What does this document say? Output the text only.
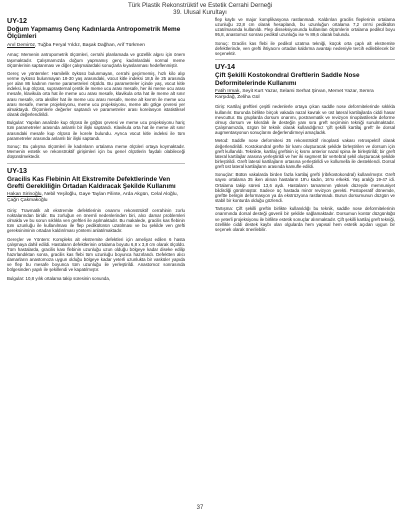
Türk Plastik Rekonstrüktif ve Estetik Cerrahi Derneği
39. Ulusal Kurultayı
UY-12
Doğum Yapmamış Genç Kadınlarda Antropometrik Meme Ölçümleri
Anıl Demiröz, Tuğba Feryal Yıldız, Başak Dağhan, Arif Türkmen

Amaç: Memenin antropometrik ölçümleri, cerrahi planlamada ve güzellik algısı için önem taşımaktadır. Çalışmamızda doğum yapmamış genç kadınlardaki normal meme ölçümlerinin saptanması ve diğer çalışmalardaki sonuçlarla kıyaslanması hedeflenmiştir.

Gereç ve yöntemler: Hamilelik öyküsü bulunmayan, cerrahi geçirmemiş, hızlı kilo alıp verme öyküsü bulunmayan 18-30 yaş arasındaki, vücut kitle indeksi 18,5 ile 25 arasında yer alan 86 kadının meme parametreleri ölçüldü. Bu parametreler içinde yaş, vücut kitle indeksi, kup ölçüsü, suprasternal çentik ile meme ucu arası mesafe, her iki meme ucu arası mesafe, klavikula orta hat ile meme ucu arası mesafe, klavikula orta hat ile meme alt sınır arası mesafe, orta aksiller hat ile meme ucu arası mesafe, meme alt kıvrım ile meme ucu arası mesafe, meme projeksiyonu, meme ucu projeksiyonu, meme altı gölge çevresi yer almaktaydı. Ölçümlerle değerler saptandı ve parametreler arası korelasyon istatistiksel olarak değerlendirildi.

Bulgular: Yapılan analizde kup ölçüsü ile göğüs çevresi ve meme ucu projeksiyonu hariç tüm parametreler arasında anlamlı bir ilişki saptandı. Klavikula orta hat ile meme alt sınır arasındaki mesafe kup ölçüsü ile korele bulundu. Ayrıca vücut kitle indeksi ile tüm parametreler arasında anlamlı bir ilişki saptandı.

Sonuç: Bu çalışma ölçümleri ile kadınların ortalama meme ölçüleri ortaya koymaktadır. Memenin estetik ve rekonstrüktif girişimleri için bu genel ölçütlerin faydalı olabileceği düşünülmektedir.

UY-13
Gracilis Kas Flebinin Alt Ekstremite Defektlerinde Ven Grefti Gerekliliğin Ortadan Kaldıracak Şekilde Kullanımı
Hakan Sirinoğlu, Nebil Yeşiloğlu, Gaye Taylan Filinte, Arda Akgün, Celal Aloğlu, Çağrı Çakmakoğlu

Giriş: Travmatik alt ekstremite defektlerinin onarımı rekonstrüktif cerrahinin zorlu noktalarından biridir. Bu zorluğun en önemli nedenlerinden biri, alıcı damar problemleri olmakla ve bu sorun sıklıkla ven greftleri ile aşılmaktadır. Bu makalede, gracilis kas flebinin tüm uzunluğu ile kullanılması ile flep pedikülünün uzatılması ve bu şekilde ven grefti gereksiniminin ortadan kaldırılması yöntemi anlatılmaktadır.

Gereçler ve Yöntem: Kompleks alt ekstremite defektleri için ameliyat edilen 6 hasta çalışmaya dahil edildi. Hastaların defektlerinin ortalama boyutu 6,8 x 3,8 cm olarak ölçüldü. Tüm hastalarda, gracilis kası flebinin uzunluğu uzun olduğu bölgeye kadar diseke edilip hazırlandıktan sonra, gracilis kas flebi tüm uzunluğu boyunca hazırlandı. Defektten alıcı damarların anastomoza uygun olduğu bölgeye kadar yeterli uzunlukta bir vasküler yapıda ve flep bu mesafe boyunca tüm uzunluğu ile yerleştirildi. Anastomoz sonrasında bölgesinden yapılı ile şekillendi ve kapatılmıştır.

Bulgular: 10,8 yılık ortalama takip süresinin sonunda,

flep kaybı ve major komplikasyona rastlanmadı. Kaldırılan gracilis fleplerinin ortalama uzunluğu 22,8 cm olarak hesaplandı, bu uzunluğun ortalama 7,2 cm'si pedikülün uzatılmasında kullanıldı. Flep disseksiyonunda kullanılan ölçümlerin ortalama pedikül boyu 95,8, anastomoz sonrası pedikül uzunluğu ise % 89,6 olarak bulundu.

Sonuç: Gracilis kas flebi ile pedikül uzatma tekniği, küçük orta çaplı alt ekstremite defektlerinde, ven grefti ihtiyacını ortadan kaldırma avantajı nedeniyle tercih edilebilecek bir seçenektir.

UY-14
Çift Şekilli Kostokondral Greftlerin Saddle Nose Deformitelerinde Kullanımı
Fatih Irmak, Seyit Kurt Yazar, Selami Serhat Şirvan, Memet Yazar, Semra Karşıdağ, Zeliha Gül

Giriş: Kartilaj greftleri çeşitli nedenlerle ortaya çıkan saddle nose deformitelerinde sıklıkla kullanılır. Burunda birlikte birçok vakada nazal kavrak ve üst lateral kartilajlarda ciddi hasar mevcuttur. Bu gruplarda dorsum onarımı, postravmatik ve revizyon rinoplastilerde deforme olmuş dorsum ve kıkırdak ile desteğin yanı sıra greft seçiminin tekniği sunulmaktadır. Çalışmamızda, özgün bir teknik olarak kullandığımız 'çift şekilli kartilaj greft' ile dorsal augmentasyonun sonuçlarını değerlendirmeyi amaçladık.

Metod: Saddle nose deformitesi 35 rekonstrüktif rinoplasti vakası retrospektif olarak değerlendirildi. Kostokondral grefte bir kamı oluşturacak şekilde birleştirilen ve dorsum için greft kullanıldı. Teknikte, kartilaj greftinin iç kısmı anterior nazal spina ile birleştirildi; bir greft lateral kartilajlar arasına yerleştirildi ve her iki segment bir vertebral şekil oluşturacak şekilde birleştirildi. Greft lateral kartilajların ortasına yerleştirildi ve kollumella ile desteklendi. Dorsal greft üst lateral kartilajların arasında kamufle edildi.

Sonuçlar: Bütün vakalarda birden fazla kartilaj grefti (rib/kostokondral) kullanılmıştır. Greft sayısı ortalama 35 iken alınan hastaların 19'u kadın, 16'sı erkekti. Yaş aralığı 19-47 idi. Ortalama takip süresi 13,6 aydı. Hastaların tamamının yüksek düzeyde memnuniyet bildirdiği görülmüştür. Sadece üç hastada minör revizyon gerekti. Postoperatif dönemde, greftte belirgin deformasyon ya da ekstrüzyona rastlanmadı. Burun dorsumunun düzgün ve stabil bir konturda olduğu gözlendi.

Tartışma: Çift şekilli greftin birlikte kullanıldığı bu teknik, saddle nose deformitelerinin onarımında dorsal desteği güvenli bir şekilde sağlamaktadır. Dorsumun kontür düzgünlüğü ve yeterli projeksiyonu ile birlikte estetik sonuçlar alınmaktadır. Çift şekilli kartilaj greft tekniği, özellikle ciddi destek kaybı olan olgularda hem yapısal hem estetik açıdan uygun bir seçenek olarak önerilebilir.

37
